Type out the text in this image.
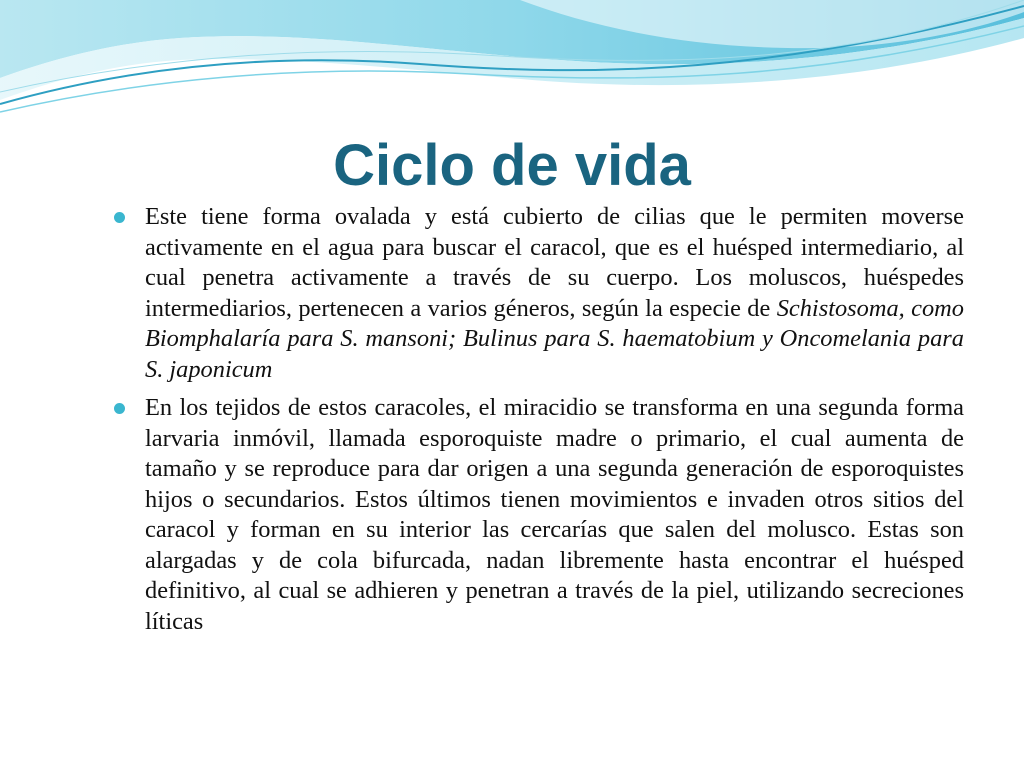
Ciclo de vida
Este tiene forma ovalada y está cubierto de cilias que le permiten moverse activamente en el agua para buscar el caracol, que es el huésped intermediario, al cual penetra activamente a través de su cuerpo. Los moluscos, huéspedes intermediarios, pertenecen a varios géneros, según la especie de Schistosoma, como Biomphalaría para S. mansoni; Bulinus para S. haematobium y Oncomelania para S. japonicum
En los tejidos de estos caracoles, el miracidio se transforma en una segunda forma larvaria inmóvil, llamada esporoquiste madre o primario, el cual aumenta de tamaño y se reproduce para dar origen a una segunda generación de esporoquistes hijos o secundarios. Estos últimos tienen movimientos e invaden otros sitios del caracol y forman en su interior las cercarías que salen del molusco. Estas son alargadas y de cola bifurcada, nadan libremente hasta encontrar el huésped definitivo, al cual se adhieren y penetran a través de la piel, utilizando secreciones líticas
